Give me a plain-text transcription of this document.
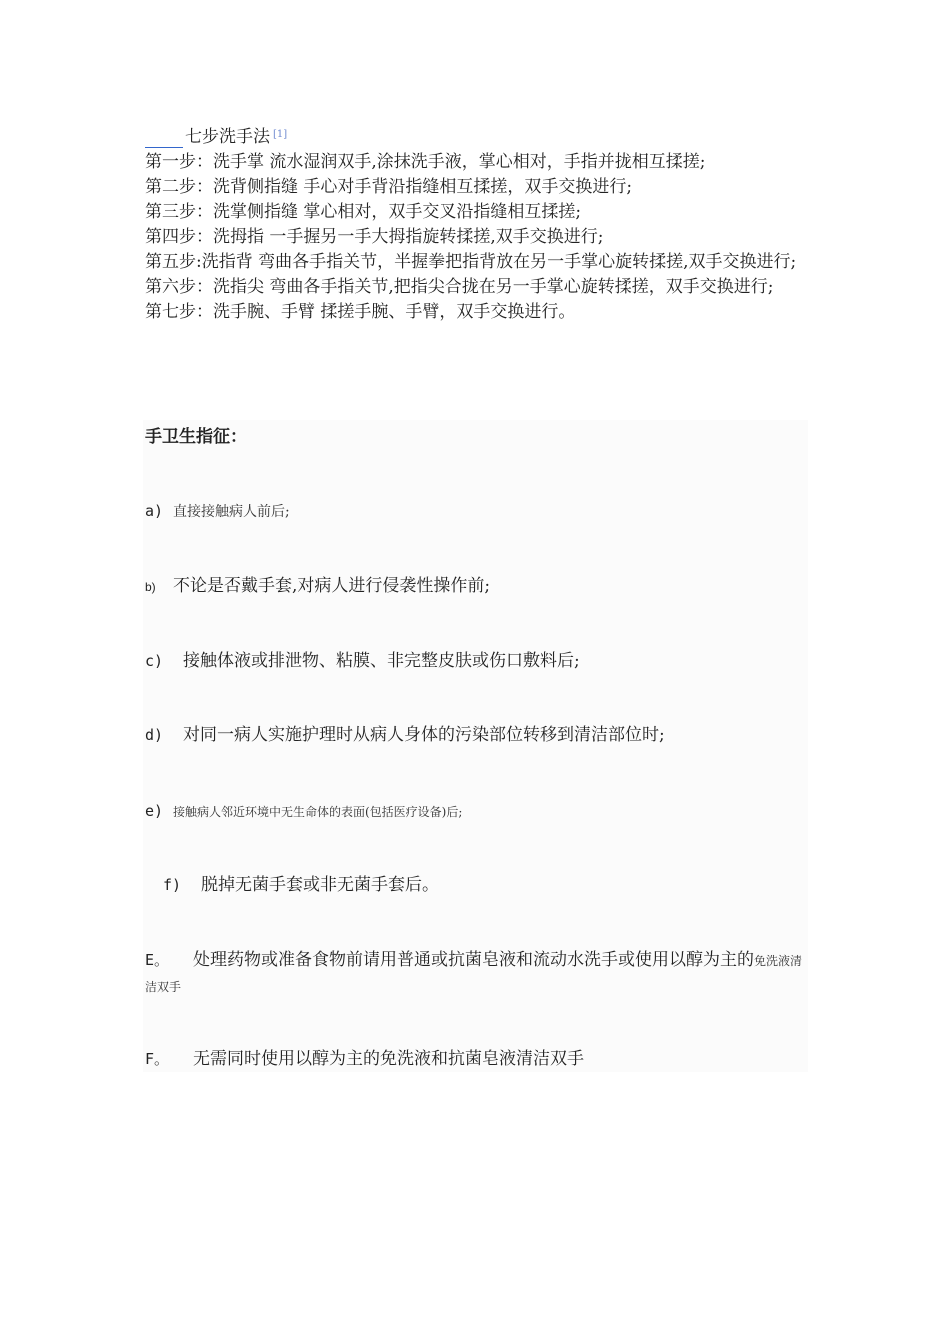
七步洗手法 [1]
第一步：洗手掌 流水湿润双手,涂抹洗手液，掌心相对，手指并拢相互揉搓;
第二步：洗背侧指缝 手心对手背沿指缝相互揉搓，双手交换进行;
第三步：洗掌侧指缝 掌心相对，双手交叉沿指缝相互揉搓;
第四步：洗拇指 一手握另一手大拇指旋转揉搓,双手交换进行;
第五步:洗指背 弯曲各手指关节，半握拳把指背放在另一手掌心旋转揉搓,双手交换进行;
第六步：洗指尖 弯曲各手指关节,把指尖合拢在另一手掌心旋转揉搓，双手交换进行;
第七步：洗手腕、手臂 揉搓手腕、手臂，双手交换进行。
手卫生指征：
a) 直接接触病人前后;
b) 不论是否戴手套,对病人进行侵袭性操作前;
c) 接触体液或排泄物、粘膜、非完整皮肤或伤口敷料后;
d) 对同一病人实施护理时从病人身体的污染部位转移到清洁部位时;
e) 接触病人邻近环境中无生命体的表面(包括医疗设备)后;
f) 脱掉无菌手套或非无菌手套后。
E。 处理药物或准备食物前请用普通或抗菌皂液和流动水洗手或使用以醇为主的免洗液清洁双手
F。 无需同时使用以醇为主的免洗液和抗菌皂液清洁双手
